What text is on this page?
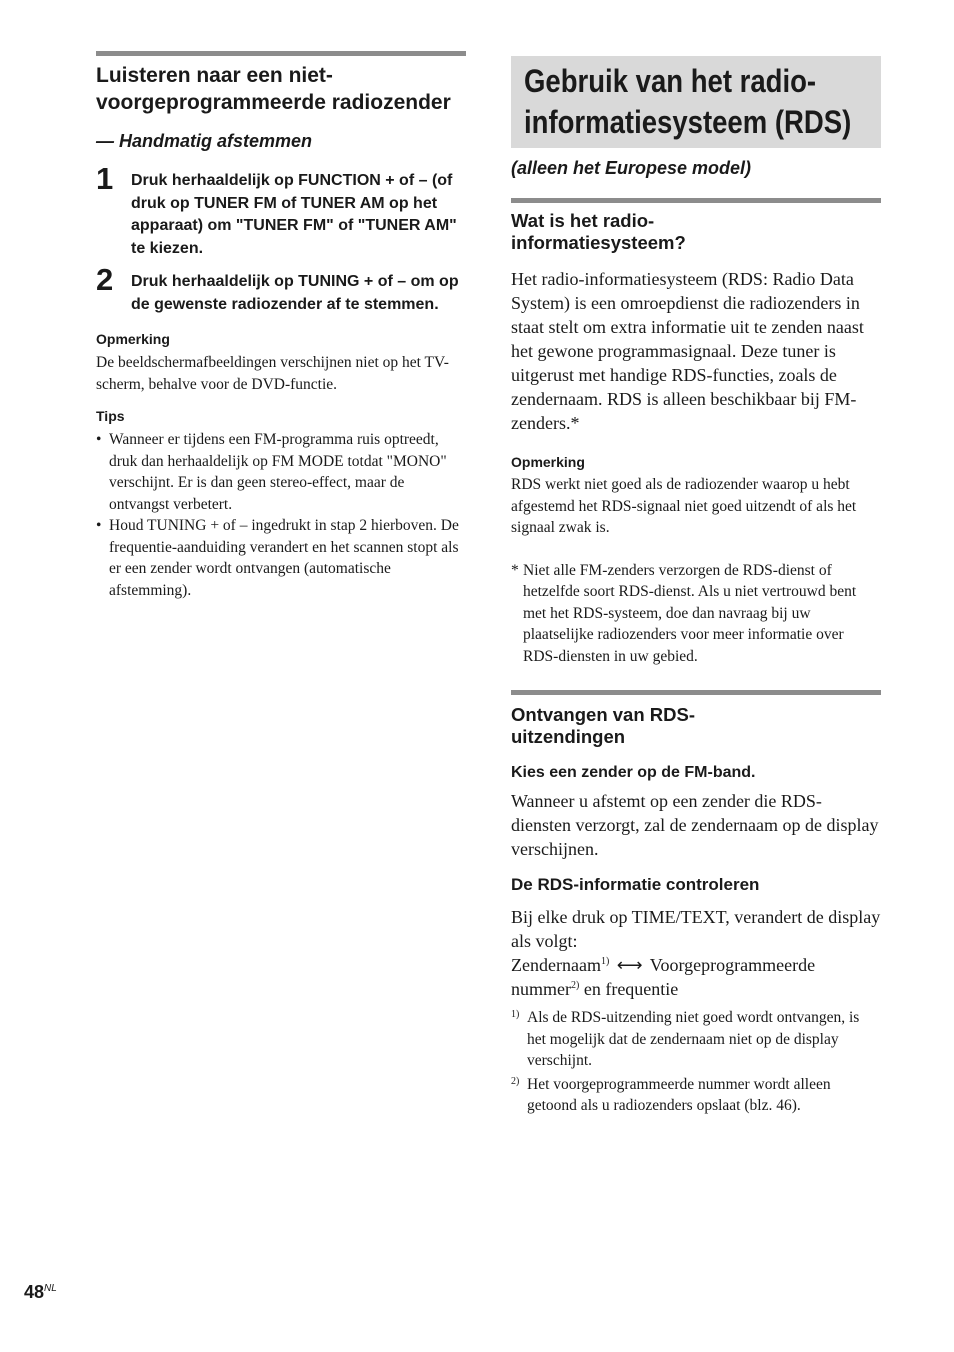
Luisteren naar een niet-voorgeprogrammeerde radiozender

— Handmatig afstemmen

1 Druk herhaaldelijk op FUNCTION + of – (of druk op TUNER FM of TUNER AM op het apparaat) om "TUNER FM" of "TUNER AM" te kiezen.
2 Druk herhaaldelijk op TUNING + of – om op de gewenste radiozender af te stemmen.

Opmerking

De beeldschermafbeeldingen verschijnen niet op het TV-scherm, behalve voor de DVD-functie.

Tips

• Wanneer er tijdens een FM-programma ruis optreedt, druk dan herhaaldelijk op FM MODE totdat "MONO" verschijnt. Er is dan geen stereo-effect, maar de ontvangst verbetert.
• Houd TUNING + of – ingedrukt in stap 2 hierboven. De frequentie-aanduiding verandert en het scannen stopt als er een zender wordt ontvangen (automatische afstemming).
Gebruik van het radio-
informatiesysteem (RDS)

(alleen het Europese model)

Wat is het radio-informatiesysteem?

Het radio-informatiesysteem (RDS: Radio Data System) is een omroepdienst die radiozenders in staat stelt om extra informatie uit te zenden naast het gewone programmasignaal. Deze tuner is uitgerust met handige RDS-functies, zoals de zendernaam. RDS is alleen beschikbaar bij FM-zenders.*

Opmerking

RDS werkt niet goed als de radiozender waarop u hebt afgestemd het RDS-signaal niet goed uitzendt of als het signaal zwak is.

* Niet alle FM-zenders verzorgen de RDS-dienst of hetzelfde soort RDS-dienst. Als u niet vertrouwd bent met het RDS-systeem, doe dan navraag bij uw plaatselijke radiozenders voor meer informatie over RDS-diensten in uw gebied.
Ontvangen van RDS-uitzendingen

Kies een zender op de FM-band.

Wanneer u afstemt op een zender die RDS-diensten verzorgt, zal de zendernaam op de display verschijnen.

De RDS-informatie controleren

Bij elke druk op TIME/TEXT, verandert de display als volgt:

Zendernaam$^{1)}$ ⟷ Voorgeprogrammeerde nummer$^{2)}$ en frequentie

1) Als de RDS-uitzending niet goed wordt ontvangen, is het mogelijk dat de zendernaam niet op de display verschijnt.
2) Het voorgeprogrammeerde nummer wordt alleen getoond als u radiozenders opslaat (blz. 46).
$48^{NL}$
